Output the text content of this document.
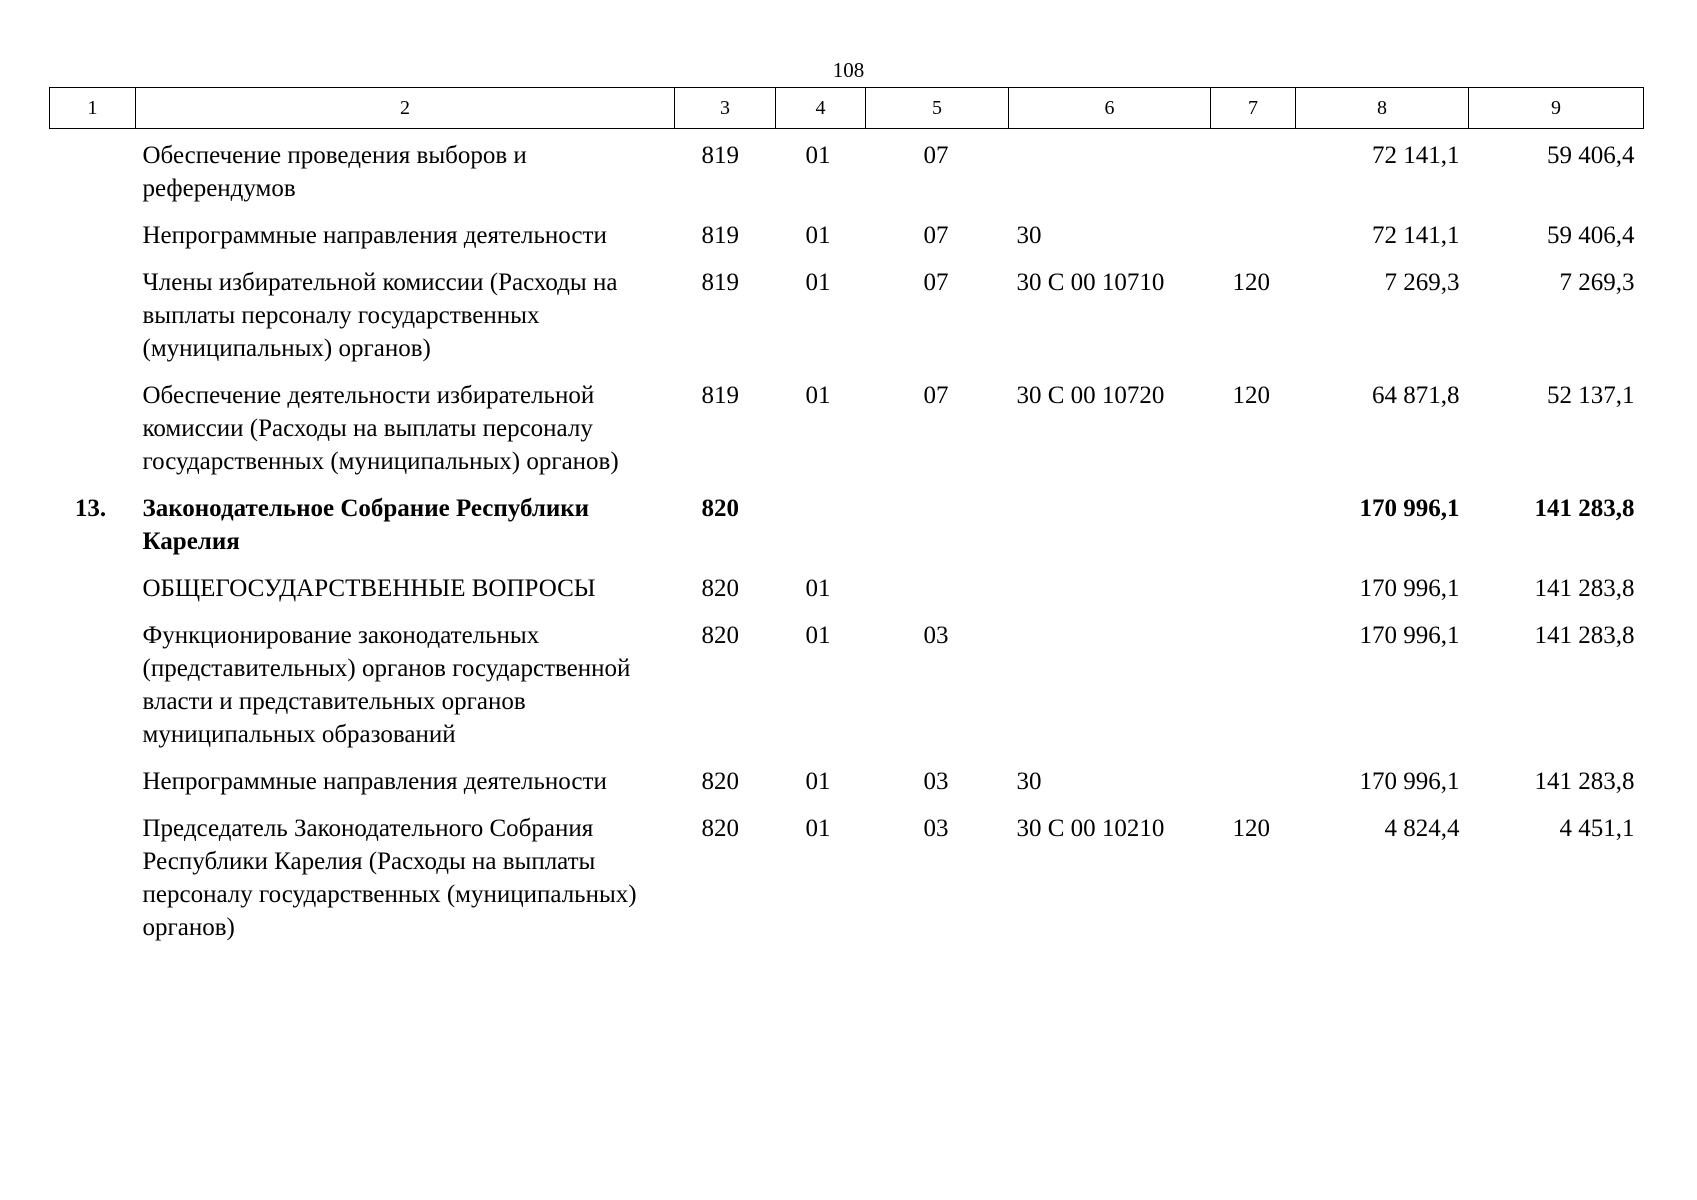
108
1	2	3	4	5	6	7	8	9
	Обеспечение проведения выборов и референдумов	819	01	07			72 141,1	59 406,4
	Непрограммные направления деятельности	819	01	07	30		72 141,1	59 406,4
	Члены избирательной комиссии (Расходы на выплаты персоналу государственных (муниципальных) органов)	819	01	07	30 С 00 10710	120	7 269,3	7 269,3
	Обеспечение деятельности избирательной комиссии (Расходы на выплаты персоналу государственных (муниципальных) органов)	819	01	07	30 С 00 10720	120	64 871,8	52 137,1
13.	Законодательное Собрание Республики Карелия	820					170 996,1	141 283,8
	ОБЩЕГОСУДАРСТВЕННЫЕ ВОПРОСЫ	820	01				170 996,1	141 283,8
	Функционирование законодательных (представительных) органов государственной власти и представительных органов муниципальных образований	820	01	03			170 996,1	141 283,8
	Непрограммные направления деятельности	820	01	03	30		170 996,1	141 283,8
	Председатель Законодательного Собрания Республики Карелия (Расходы на выплаты персоналу государственных (муниципальных) органов)	820	01	03	30 С 00 10210	120	4 824,4	4 451,1
